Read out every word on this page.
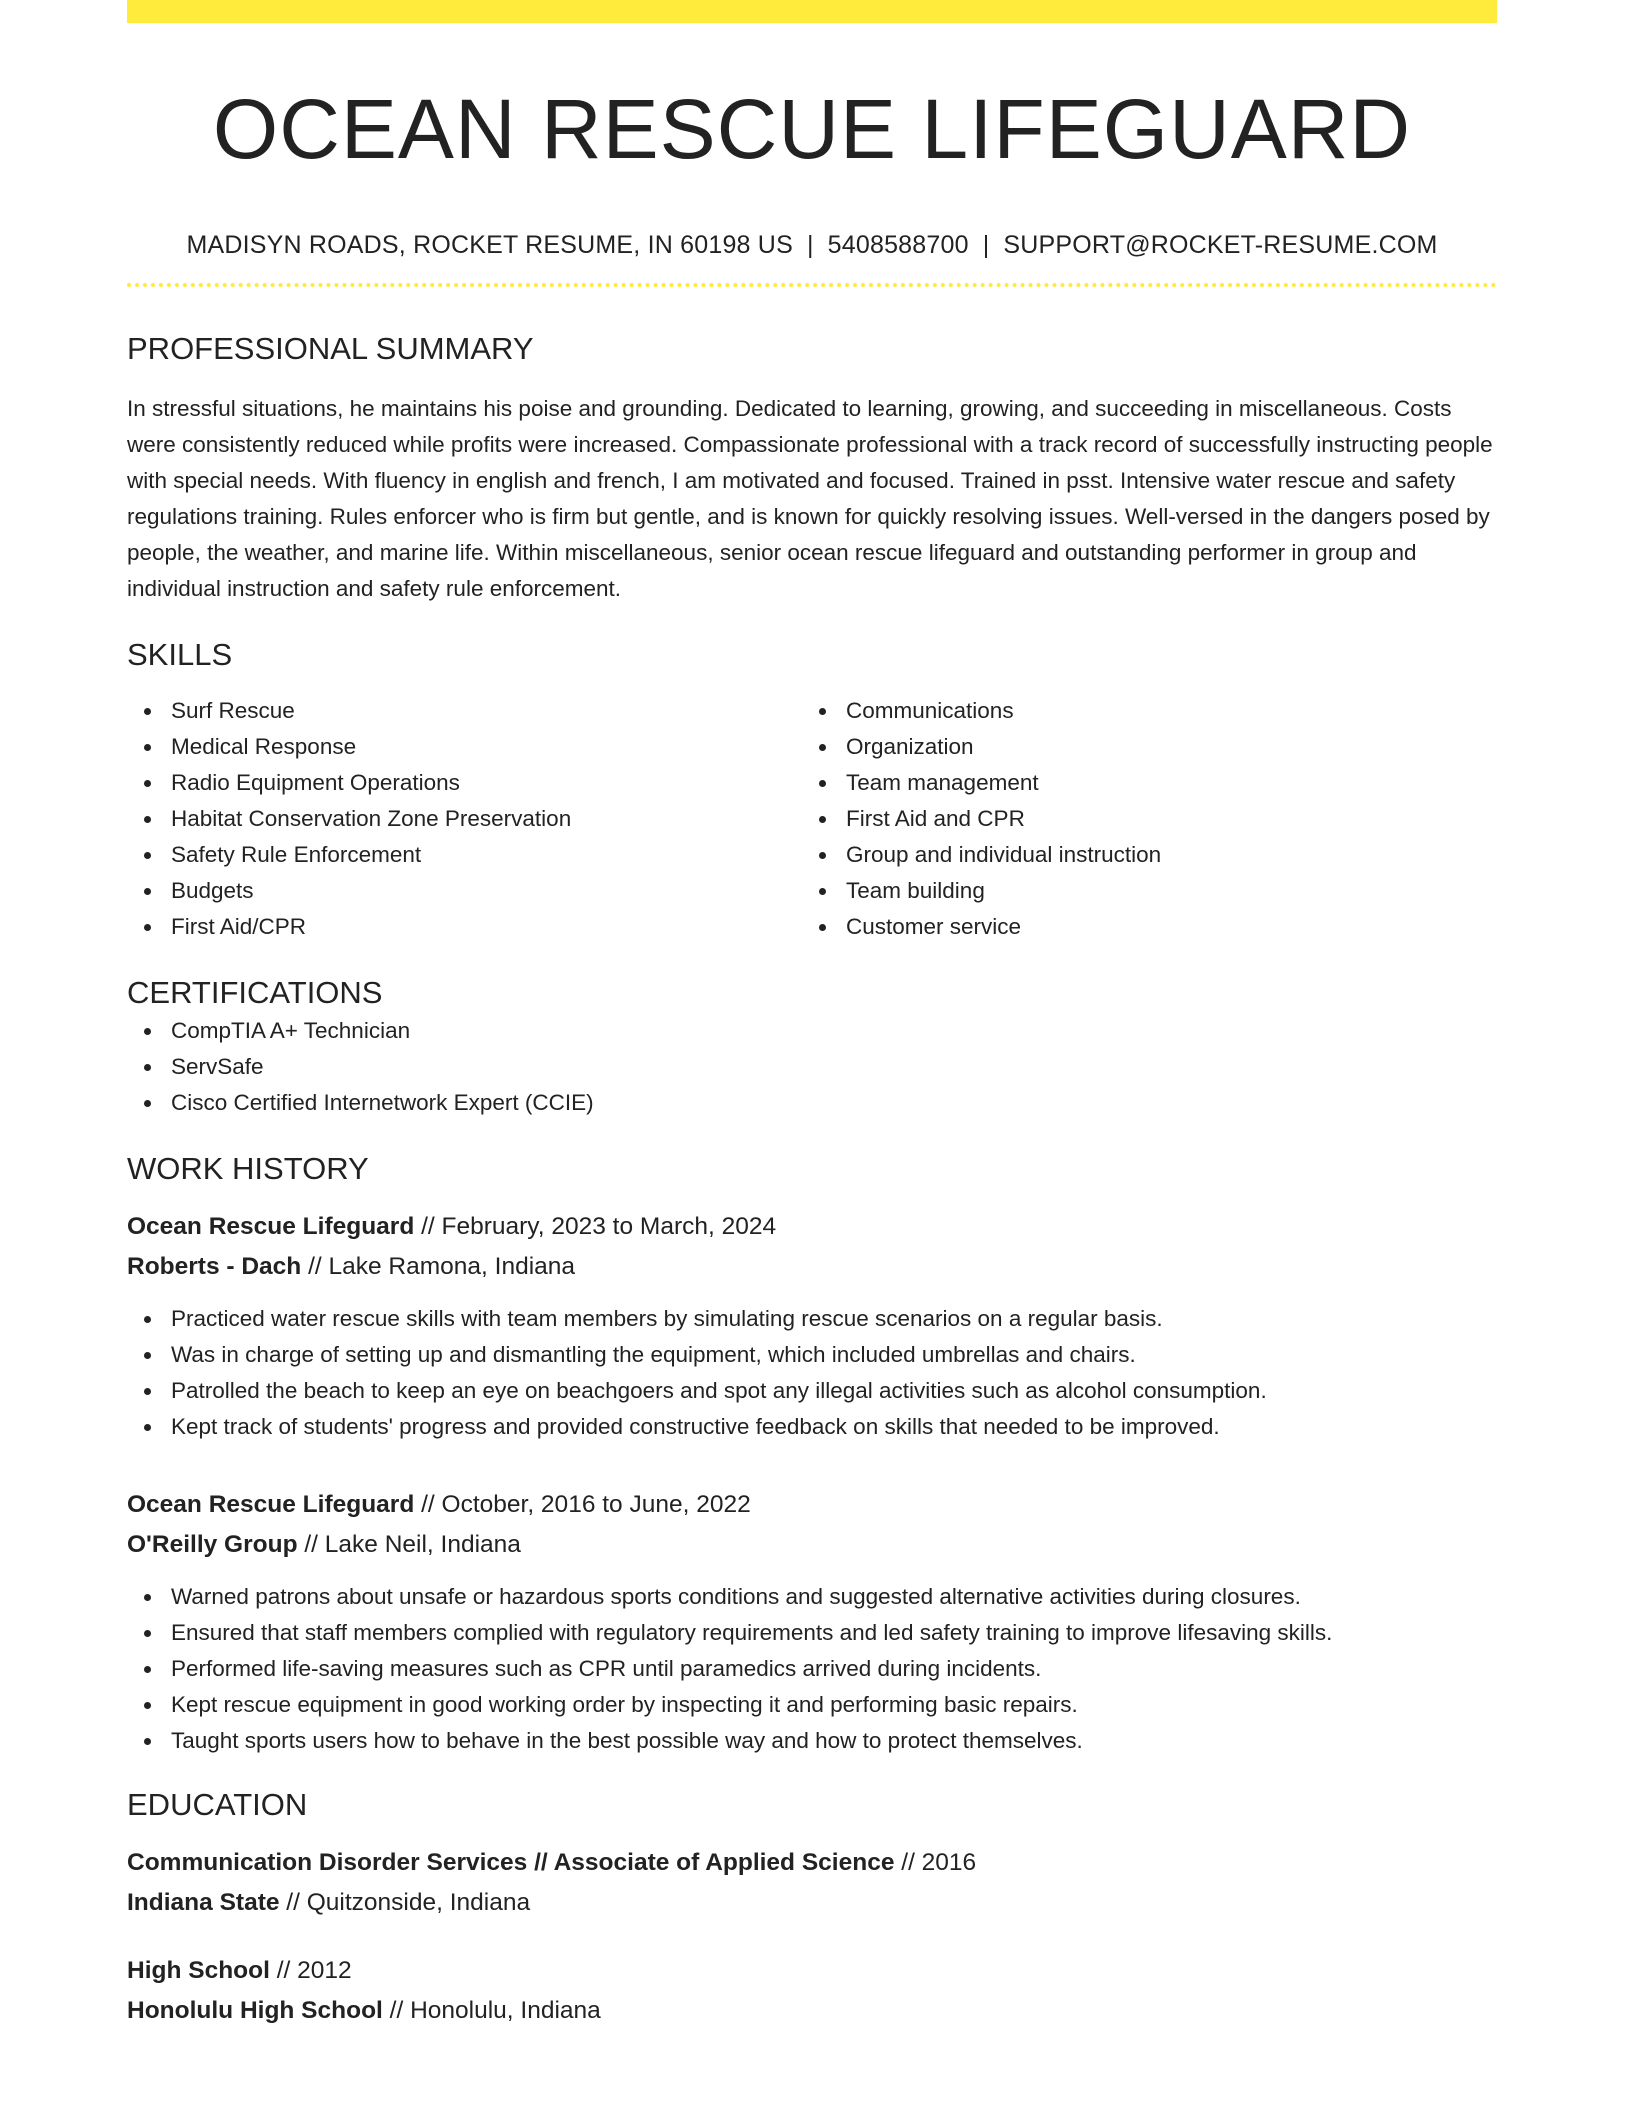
OCEAN RESCUE LIFEGUARD
MADISYN ROADS, ROCKET RESUME, IN 60198 US | 5408588700 | SUPPORT@ROCKET-RESUME.COM
PROFESSIONAL SUMMARY

In stressful situations, he maintains his poise and grounding. Dedicated to learning, growing, and succeeding in miscellaneous. Costs were consistently reduced while profits were increased. Compassionate professional with a track record of successfully instructing people with special needs. With fluency in english and french, I am motivated and focused. Trained in psst. Intensive water rescue and safety regulations training. Rules enforcer who is firm but gentle, and is known for quickly resolving issues. Well-versed in the dangers posed by people, the weather, and marine life. Within miscellaneous, senior ocean rescue lifeguard and outstanding performer in group and individual instruction and safety rule enforcement.

SKILLS
Surf Rescue
Medical Response
Radio Equipment Operations
Habitat Conservation Zone Preservation
Safety Rule Enforcement
Budgets
First Aid/CPR
Communications
Organization
Team management
First Aid and CPR
Group and individual instruction
Team building
Customer service
CERTIFICATIONS
CompTIA A+ Technician
ServSafe
Cisco Certified Internetwork Expert (CCIE)
WORK HISTORY
Ocean Rescue Lifeguard // February, 2023 to March, 2024
Roberts - Dach // Lake Ramona, Indiana
Practiced water rescue skills with team members by simulating rescue scenarios on a regular basis.
Was in charge of setting up and dismantling the equipment, which included umbrellas and chairs.
Patrolled the beach to keep an eye on beachgoers and spot any illegal activities such as alcohol consumption.
Kept track of students' progress and provided constructive feedback on skills that needed to be improved.
Ocean Rescue Lifeguard // October, 2016 to June, 2022
O'Reilly Group // Lake Neil, Indiana
Warned patrons about unsafe or hazardous sports conditions and suggested alternative activities during closures.
Ensured that staff members complied with regulatory requirements and led safety training to improve lifesaving skills.
Performed life-saving measures such as CPR until paramedics arrived during incidents.
Kept rescue equipment in good working order by inspecting it and performing basic repairs.
Taught sports users how to behave in the best possible way and how to protect themselves.
EDUCATION
Communication Disorder Services // Associate of Applied Science // 2016
Indiana State // Quitzonside, Indiana
High School // 2012
Honolulu High School // Honolulu, Indiana
